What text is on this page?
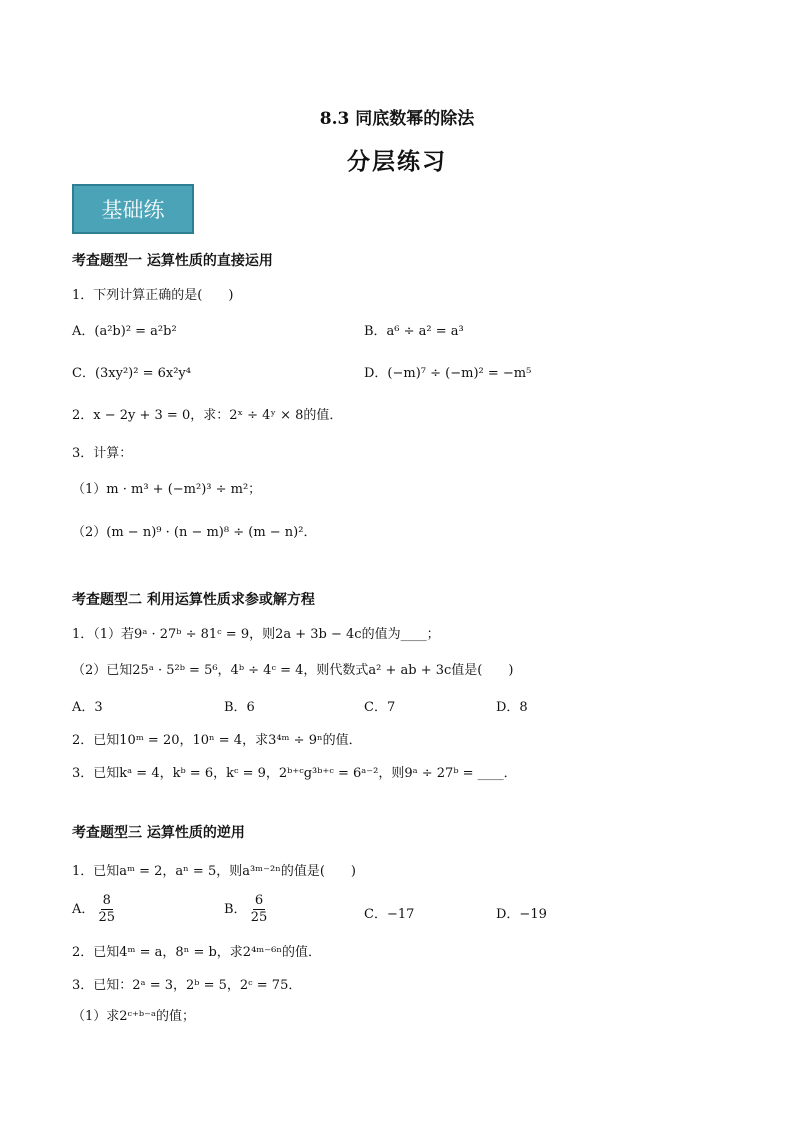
8.3 同底数幂的除法
分层练习
基础练
考查题型一 运算性质的直接运用
1．下列计算正确的是(　　)
A．(a²b)² = a²b²	B．a⁶ ÷ a² = a³
C．(3xy²)² = 6x²y⁴	D．(−m)⁷ ÷ (−m)² = −m⁵
2．x − 2y + 3 = 0，求：2ˣ ÷ 4ʸ × 8的值．
3．计算：
（1）m · m³ + (−m²)³ ÷ m²；
（2）(m − n)⁹ · (n − m)⁸ ÷ (m − n)²．
考查题型二 利用运算性质求参或解方程
1．（1）若9ᵃ · 27ᵇ ÷ 81ᶜ = 9，则2a + 3b − 4c的值为____；
（2）已知25ᵃ · 5²ᵇ = 5⁶，4ᵇ ÷ 4ᶜ = 4，则代数式a² + ab + 3c值是(　　)
A．3	B．6	C．7	D．8
2．已知10ᵐ = 20，10ⁿ = 4，求3⁴ᵐ ÷ 9ⁿ的值．
3．已知kᵃ = 4，kᵇ = 6，kᶜ = 9，2ᵇ⁺ᶜg³ᵇ⁺ᶜ = 6ᵃ⁻²，则9ᵃ ÷ 27ᵇ = ____．
考查题型三 运算性质的逆用
1．已知aᵐ = 2，aⁿ = 5，则a³ᵐ⁻²ⁿ的值是(　　)
A． $\frac{8}{25}$	B． $\frac{6}{25}$	C．−17	D．−19
2．已知4ᵐ = a，8ⁿ = b，求2⁴ᵐ⁻⁶ⁿ的值．
3．已知：2ᵃ = 3，2ᵇ = 5，2ᶜ = 75．
（1）求2ᶜ⁺ᵇ⁻ᵃ的值；
